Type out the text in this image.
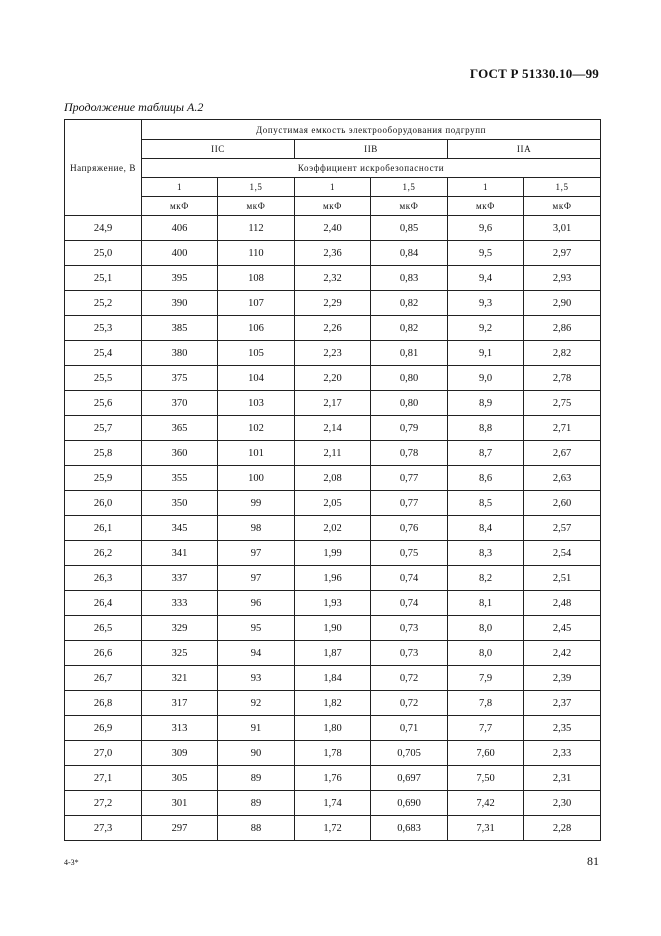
ГОСТ Р 51330.10—99
Продолжение таблицы А.2
Напряжение, В	Допустимая емкость электрооборудования подгрупп					
	IIC		IIB		IIA	
	Коэффициент искробезопасности					
	1	1,5	1	1,5	1	1,5
	мкФ	мкФ	мкФ	мкФ	мкФ	мкФ
24,9	406	112	2,40	0,85	9,6	3,01
25,0	400	110	2,36	0,84	9,5	2,97
25,1	395	108	2,32	0,83	9,4	2,93
25,2	390	107	2,29	0,82	9,3	2,90
25,3	385	106	2,26	0,82	9,2	2,86
25,4	380	105	2,23	0,81	9,1	2,82
25,5	375	104	2,20	0,80	9,0	2,78
25,6	370	103	2,17	0,80	8,9	2,75
25,7	365	102	2,14	0,79	8,8	2,71
25,8	360	101	2,11	0,78	8,7	2,67
25,9	355	100	2,08	0,77	8,6	2,63
26,0	350	99	2,05	0,77	8,5	2,60
26,1	345	98	2,02	0,76	8,4	2,57
26,2	341	97	1,99	0,75	8,3	2,54
26,3	337	97	1,96	0,74	8,2	2,51
26,4	333	96	1,93	0,74	8,1	2,48
26,5	329	95	1,90	0,73	8,0	2,45
26,6	325	94	1,87	0,73	8,0	2,42
26,7	321	93	1,84	0,72	7,9	2,39
26,8	317	92	1,82	0,72	7,8	2,37
26,9	313	91	1,80	0,71	7,7	2,35
27,0	309	90	1,78	0,705	7,60	2,33
27,1	305	89	1,76	0,697	7,50	2,31
27,2	301	89	1,74	0,690	7,42	2,30
27,3	297	88	1,72	0,683	7,31	2,28
4-3*	81
